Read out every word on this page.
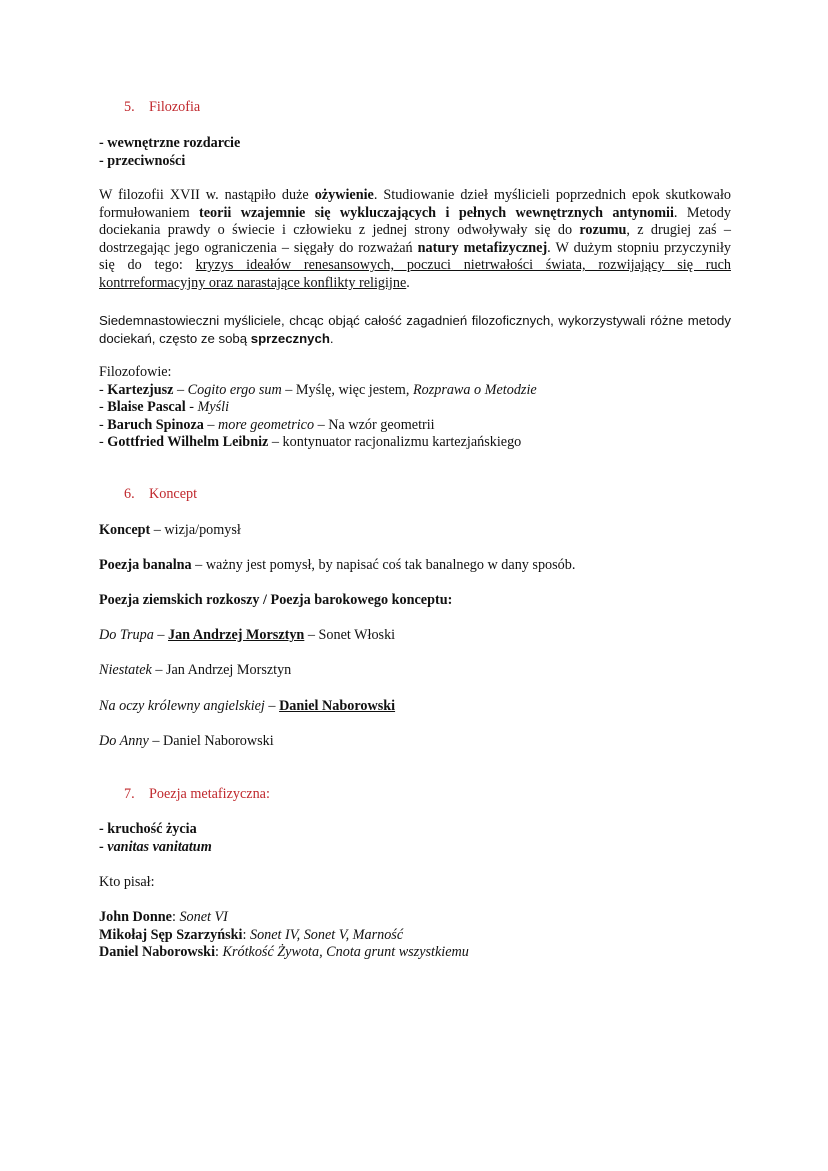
5. Filozofia

- wewnętrzne rozdarcie

- przeciwności

W filozofii XVII w. nastąpiło duże ożywienie. Studiowanie dzieł myślicieli poprzednich epok skutkowało formułowaniem teorii wzajemnie się wykluczających i pełnych wewnętrznych antynomii. Metody dociekania prawdy o świecie i człowieku z jednej strony odwoływały się do rozumu, z drugiej zaś – dostrzegając jego ograniczenia – sięgały do rozważań natury metafizycznej. W dużym stopniu przyczyniły się do tego: kryzys ideałów renesansowych, poczuci nietrwałości świata, rozwijający się ruch kontrreformacyjny oraz narastające konflikty religijne.

Siedemnastowieczni myśliciele, chcąc objąć całość zagadnień filozoficznych, wykorzystywali różne metody dociekań, często ze sobą sprzecznych.

Filozofowie:

- Kartezjusz – Cogito ergo sum – Myślę, więc jestem, Rozprawa o Metodzie

- Blaise Pascal - Myśli

- Baruch Spinoza – more geometrico – Na wzór geometrii

- Gottfried Wilhelm Leibniz – kontynuator racjonalizmu kartezjańskiego

6. Koncept

Koncept – wizja/pomysł

Poezja banalna – ważny jest pomysł, by napisać coś tak banalnego w dany sposób.

Poezja ziemskich rozkoszy / Poezja barokowego konceptu:

Do Trupa – Jan Andrzej Morsztyn – Sonet Włoski

Niestatek – Jan Andrzej Morsztyn

Na oczy królewny angielskiej – Daniel Naborowski

Do Anny – Daniel Naborowski

7. Poezja metafizyczna:

- kruchość życia

- vanitas vanitatum

Kto pisał:

John Donne: Sonet VI

Mikołaj Sęp Szarzyński: Sonet IV, Sonet V, Marność

Daniel Naborowski: Krótkość Żywota, Cnota grunt wszystkiemu
